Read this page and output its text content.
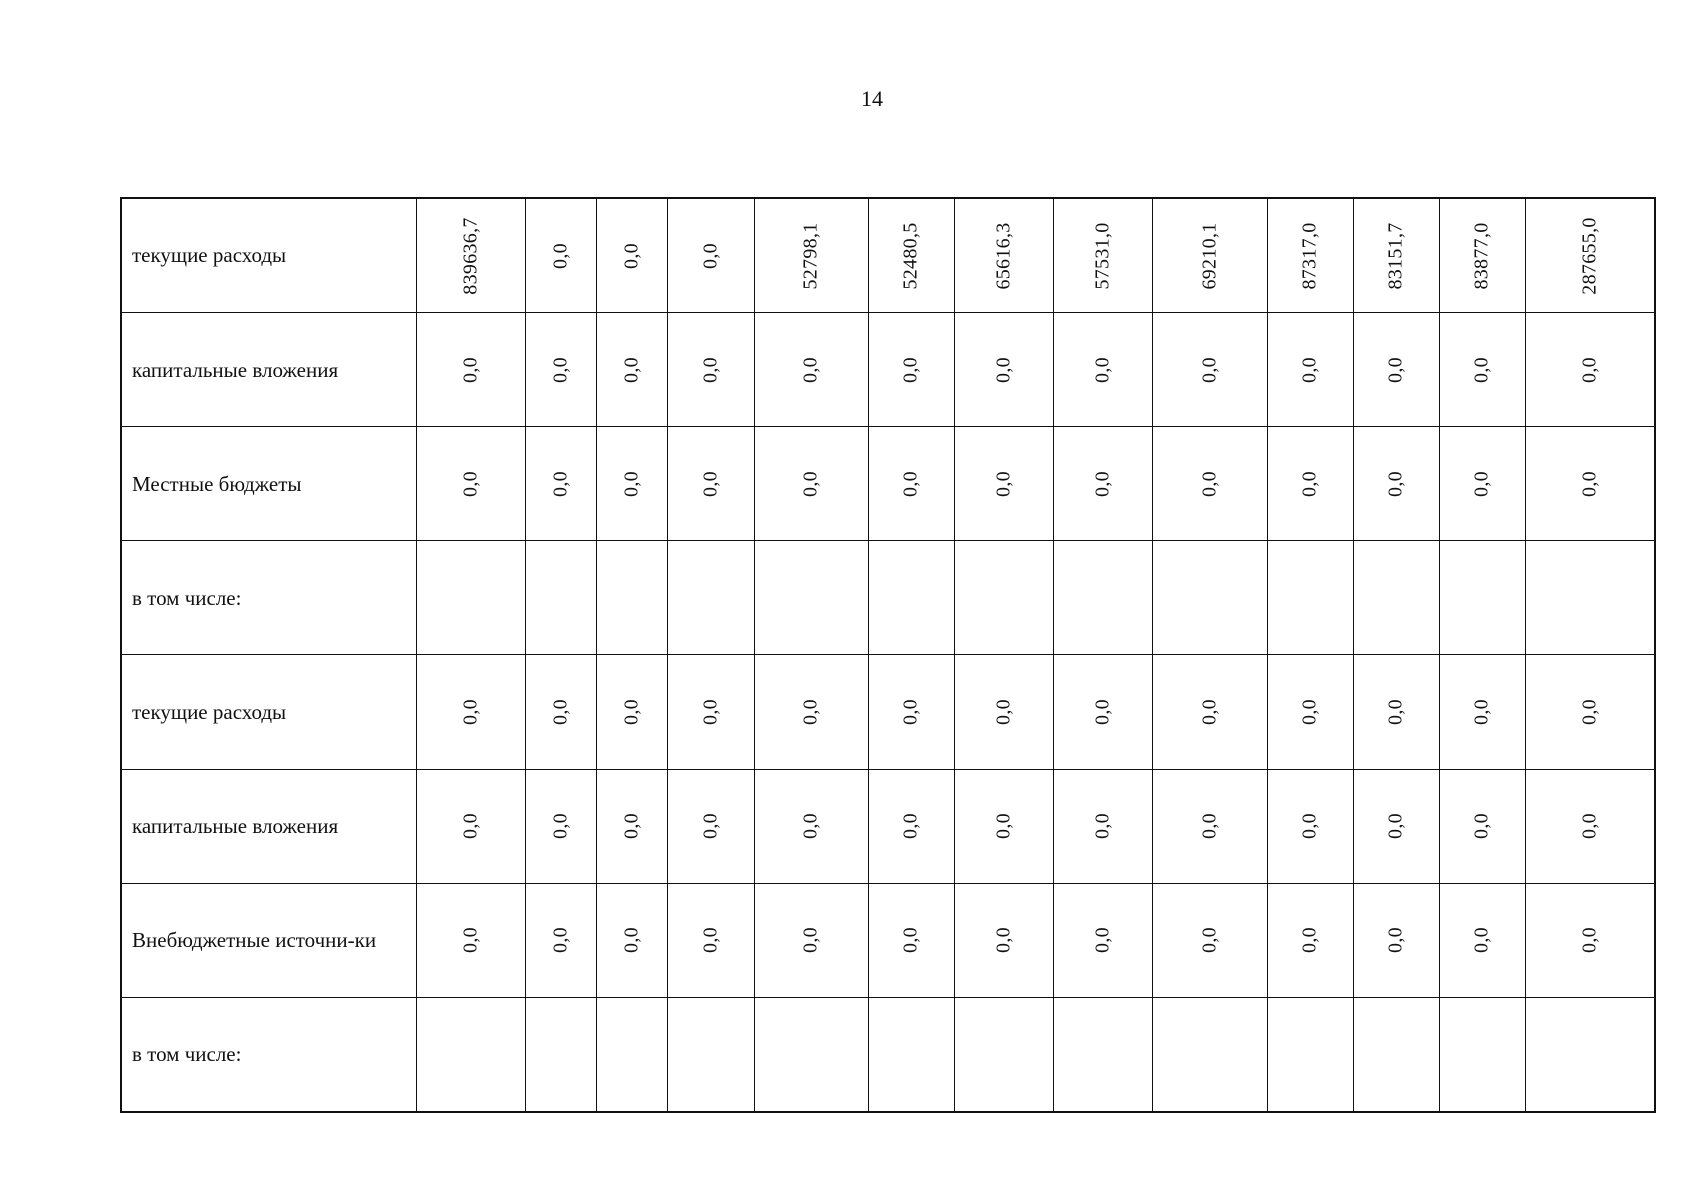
14
текущие расходы	839636,7	0,0	0,0	0,0	52798,1	52480,5	65616,3	57531,0	69210,1	87317,0	83151,7	83877,0	287655,0

капитальные вложения	0,0	0,0	0,0	0,0	0,0	0,0	0,0	0,0	0,0	0,0	0,0	0,0	0,0

Местные бюджеты	0,0	0,0	0,0	0,0	0,0	0,0	0,0	0,0	0,0	0,0	0,0	0,0	0,0

в том числе:	

текущие расходы	0,0	0,0	0,0	0,0	0,0	0,0	0,0	0,0	0,0	0,0	0,0	0,0	0,0

капитальные вложения	0,0	0,0	0,0	0,0	0,0	0,0	0,0	0,0	0,0	0,0	0,0	0,0	0,0

Внебюджетные источни-ки	0,0	0,0	0,0	0,0	0,0	0,0	0,0	0,0	0,0	0,0	0,0	0,0	0,0

в том числе:	
